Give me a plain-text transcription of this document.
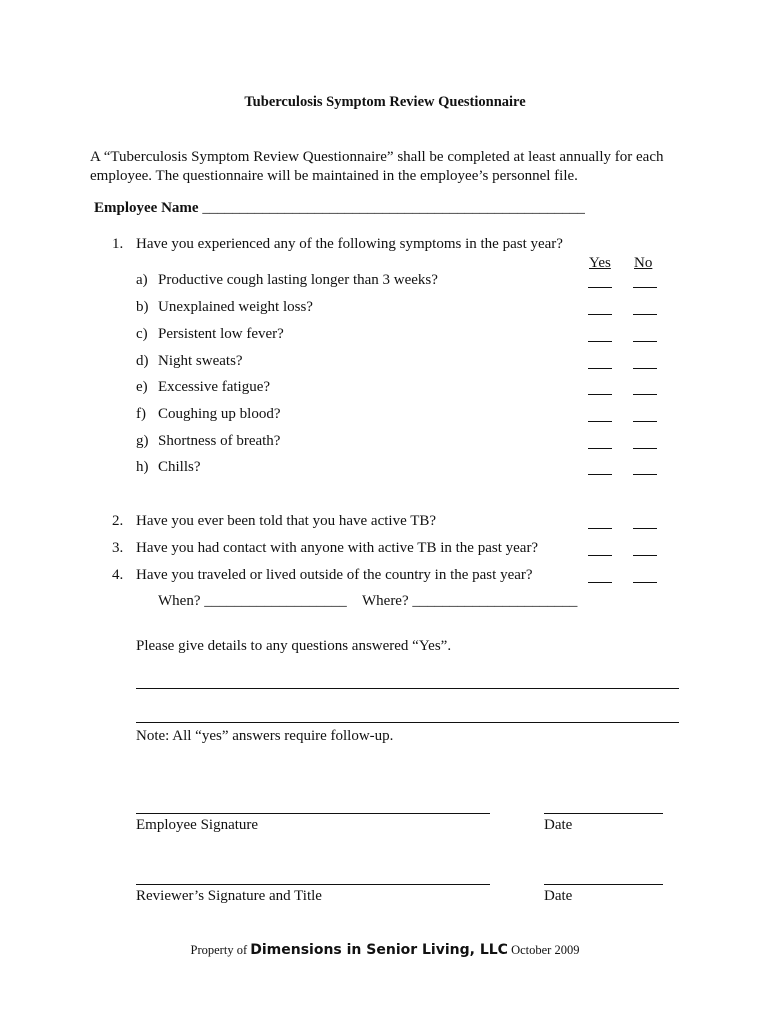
Tuberculosis Symptom Review Questionnaire
A “Tuberculosis Symptom Review Questionnaire” shall be completed at least annually for each employee. The questionnaire will be maintained in the employee’s personnel file.
Employee Name ___________________________________________________
1. Have you experienced any of the following symptoms in the past year?
Yes No
a) Productive cough lasting longer than 3 weeks?
b) Unexplained weight loss?
c) Persistent low fever?
d) Night sweats?
e) Excessive fatigue?
f) Coughing up blood?
g) Shortness of breath?
h) Chills?
2. Have you ever been told that you have active TB?
3. Have you had contact with anyone with active TB in the past year?
4. Have you traveled or lived outside of the country in the past year?
When? ___________________ Where? ______________________
Please give details to any questions answered “Yes”.
Note: All “yes” answers require follow-up.
Employee Signature	Date
Reviewer’s Signature and Title	Date
Property of Dimensions in Senior Living, LLC October 2009
